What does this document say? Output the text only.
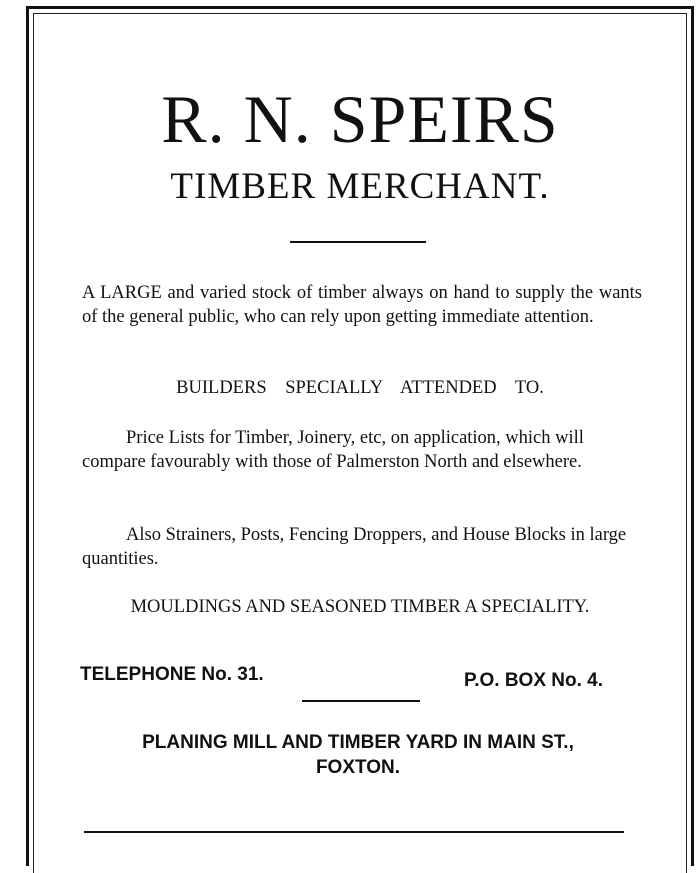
R. N. SPEIRS
TIMBER MERCHANT.
A LARGE and varied stock of timber always on hand to supply the wants of the general public, who can rely upon getting immediate attention.
BUILDERS SPECIALLY ATTENDED TO.
Price Lists for Timber, Joinery, etc, on application, which will compare favourably with those of Palmerston North and elsewhere.
Also Strainers, Posts, Fencing Droppers, and House Blocks in large quantities.
MOULDINGS AND SEASONED TIMBER A SPECIALITY.
TELEPHONE No. 31.	P.O. BOX No. 4.
PLANING MILL AND TIMBER YARD IN MAIN ST.,
FOXTON.
